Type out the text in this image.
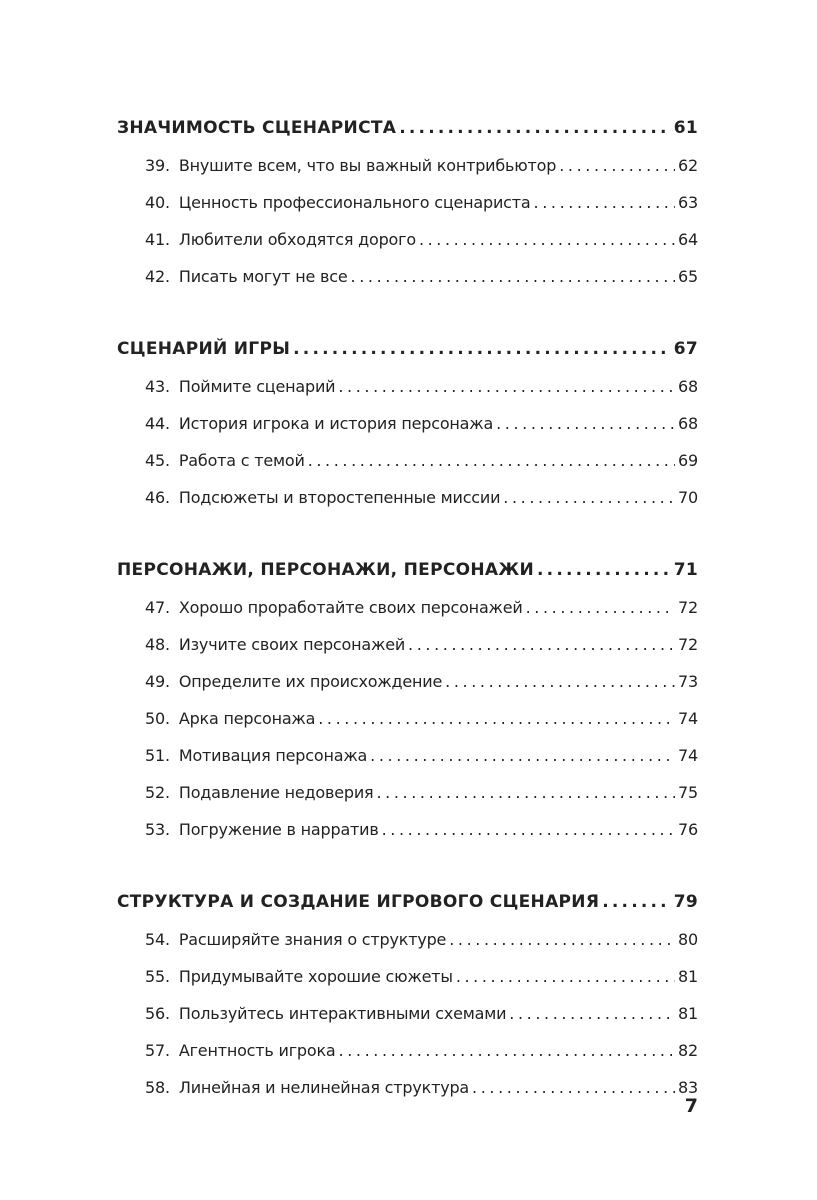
ЗНАЧИМОСТЬ СЦЕНАРИСТА .....	61
39. Внушите всем, что вы важный контрибьютор .....	62
40. Ценность профессионального сценариста .....	63
41. Любители обходятся дорого .....	64
42. Писать могут не все .....	65
СЦЕНАРИЙ ИГРЫ .....	67
43. Поймите сценарий .....	68
44. История игрока и история персонажа .....	68
45. Работа с темой .....	69
46. Подсюжеты и второстепенные миссии .....	70
ПЕРСОНАЖИ, ПЕРСОНАЖИ, ПЕРСОНАЖИ .....	71
47. Хорошо проработайте своих персонажей .....	72
48. Изучите своих персонажей .....	72
49. Определите их происхождение .....	73
50. Арка персонажа .....	74
51. Мотивация персонажа .....	74
52. Подавление недоверия .....	75
53. Погружение в нарратив .....	76
СТРУКТУРА И СОЗДАНИЕ ИГРОВОГО СЦЕНАРИЯ .....	79
54. Расширяйте знания о структуре .....	80
55. Придумывайте хорошие сюжеты .....	81
56. Пользуйтесь интерактивными схемами .....	81
57. Агентность игрока .....	82
58. Линейная и нелинейная структура .....	83
7
